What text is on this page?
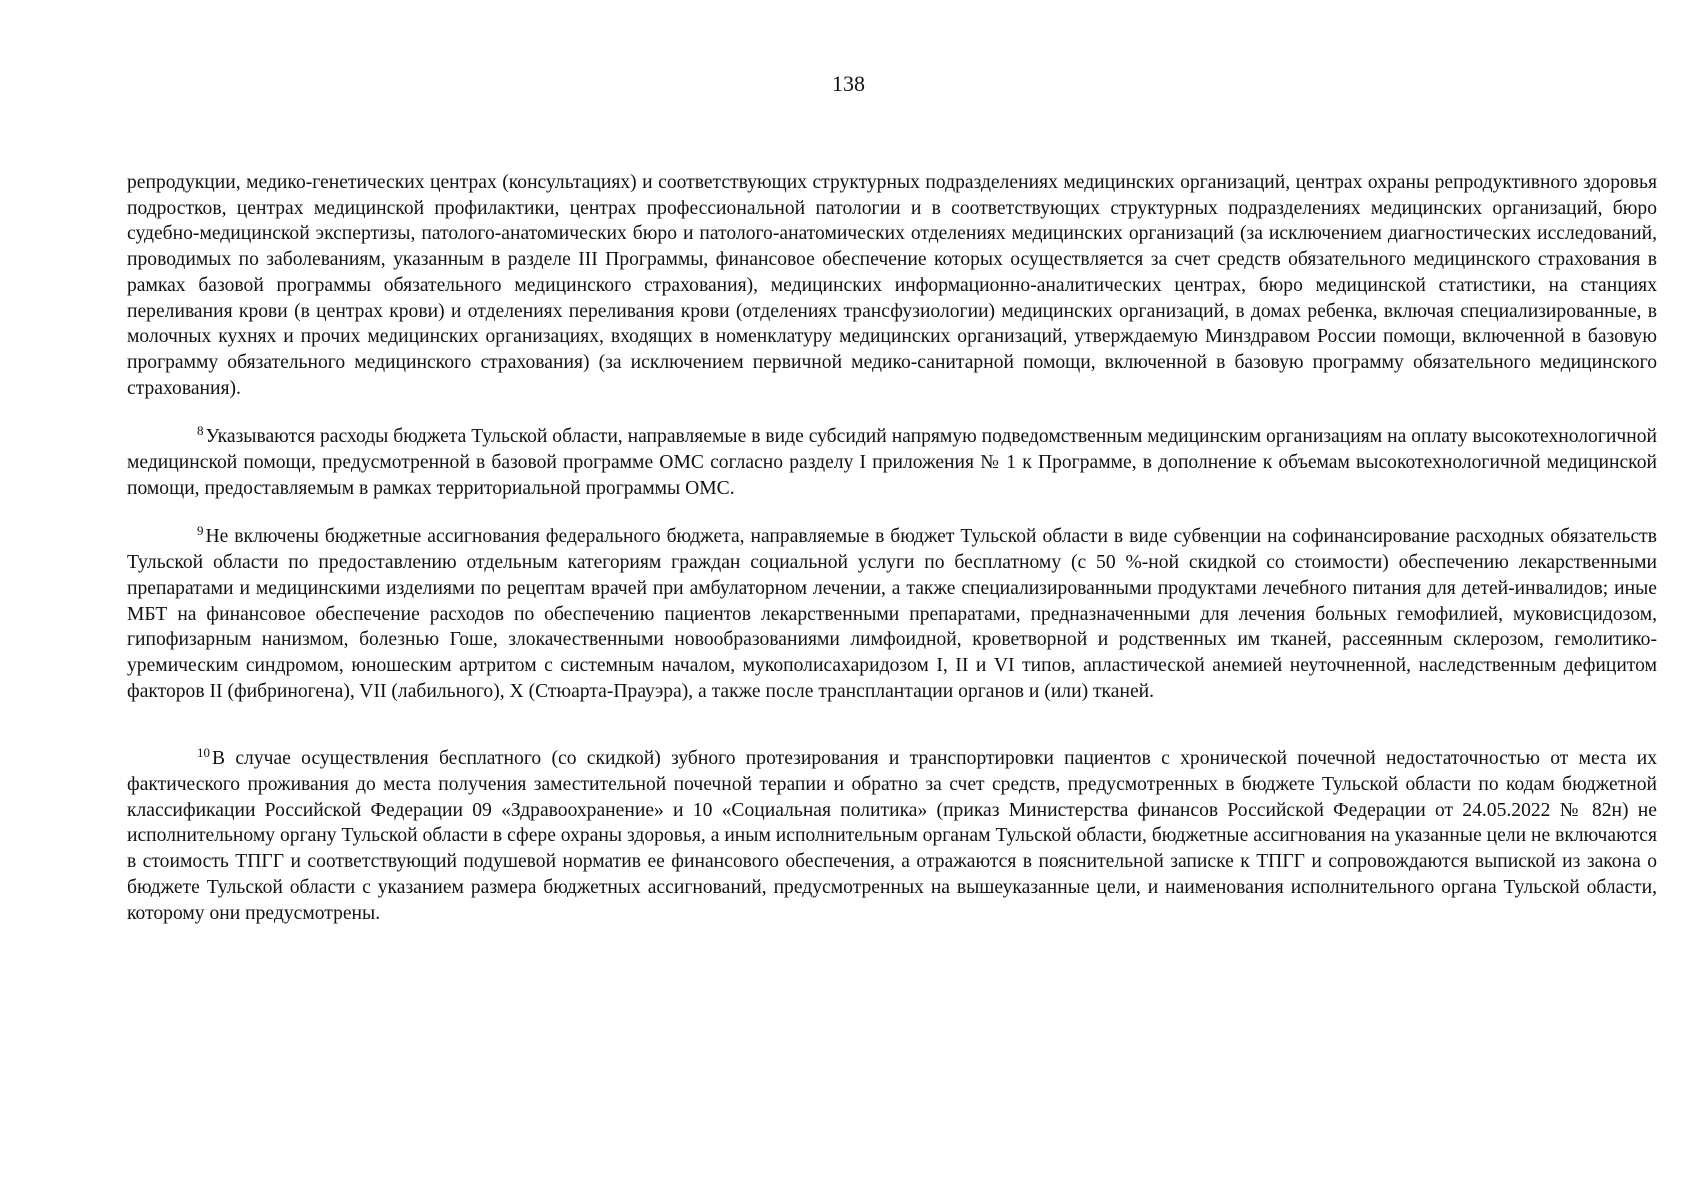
138

репродукции, медико-генетических центрах (консультациях) и соответствующих структурных подразделениях медицинских организаций, центрах охраны репродуктивного здоровья подростков, центрах медицинской профилактики, центрах профессиональной патологии и в соответствующих структурных подразделениях медицинских организаций, бюро судебно-медицинской экспертизы, патолого-анатомических бюро и патолого-анатомических отделениях медицинских организаций (за исключением диагностических исследований, проводимых по заболеваниям, указанным в разделе III Программы, финансовое обеспечение которых осуществляется за счет средств обязательного медицинского страхования в рамках базовой программы обязательного медицинского страхования), медицинских информационно-аналитических центрах, бюро медицинской статистики, на станциях переливания крови (в центрах крови) и отделениях переливания крови (отделениях трансфузиологии) медицинских организаций, в домах ребенка, включая специализированные, в молочных кухнях и прочих медицинских организациях, входящих в номенклатуру медицинских организаций, утверждаемую Минздравом России помощи, включенной в базовую программу обязательного медицинского страхования) (за исключением первичной медико-санитарной помощи, включенной в базовую программу обязательного медицинского страхования).

$^8$ Указываются расходы бюджета Тульской области, направляемые в виде субсидий напрямую подведомственным медицинским организациям на оплату высокотехнологичной медицинской помощи, предусмотренной в базовой программе ОМС согласно разделу I приложения № 1 к Программе, в дополнение к объемам высокотехнологичной медицинской помощи, предоставляемым в рамках территориальной программы ОМС.

$^9$ Не включены бюджетные ассигнования федерального бюджета, направляемые в бюджет Тульской области в виде субвенции на софинансирование расходных обязательств Тульской области по предоставлению отдельным категориям граждан социальной услуги по бесплатному (с 50 %-ной скидкой со стоимости) обеспечению лекарственными препаратами и медицинскими изделиями по рецептам врачей при амбулаторном лечении, а также специализированными продуктами лечебного питания для детей-инвалидов; иные МБТ на финансовое обеспечение расходов по обеспечению пациентов лекарственными препаратами, предназначенными для лечения больных гемофилией, муковисцидозом, гипофизарным нанизмом, болезнью Гоше, злокачественными новообразованиями лимфоидной, кроветворной и родственных им тканей, рассеянным склерозом, гемолитико-уремическим синдромом, юношеским артритом с системным началом, мукополисахаридозом I, II и VI типов, апластической анемией неуточненной, наследственным дефицитом факторов II (фибриногена), VII (лабильного), X (Стюарта-Прауэра), а также после трансплантации органов и (или) тканей.

$^{10}$ В случае осуществления бесплатного (со скидкой) зубного протезирования и транспортировки пациентов с хронической почечной недостаточностью от места их фактического проживания до места получения заместительной почечной терапии и обратно за счет средств, предусмотренных в бюджете Тульской области по кодам бюджетной классификации Российской Федерации 09 «Здравоохранение» и 10 «Социальная политика» (приказ Министерства финансов Российской Федерации от 24.05.2022 № 82н) не исполнительному органу Тульской области в сфере охраны здоровья, а иным исполнительным органам Тульской области, бюджетные ассигнования на указанные цели не включаются в стоимость ТПГГ и соответствующий подушевой норматив ее финансового обеспечения, а отражаются в пояснительной записке к ТПГГ и сопровождаются выпиской из закона о бюджете Тульской области с указанием размера бюджетных ассигнований, предусмотренных на вышеуказанные цели, и наименования исполнительного органа Тульской области, которому они предусмотрены.
